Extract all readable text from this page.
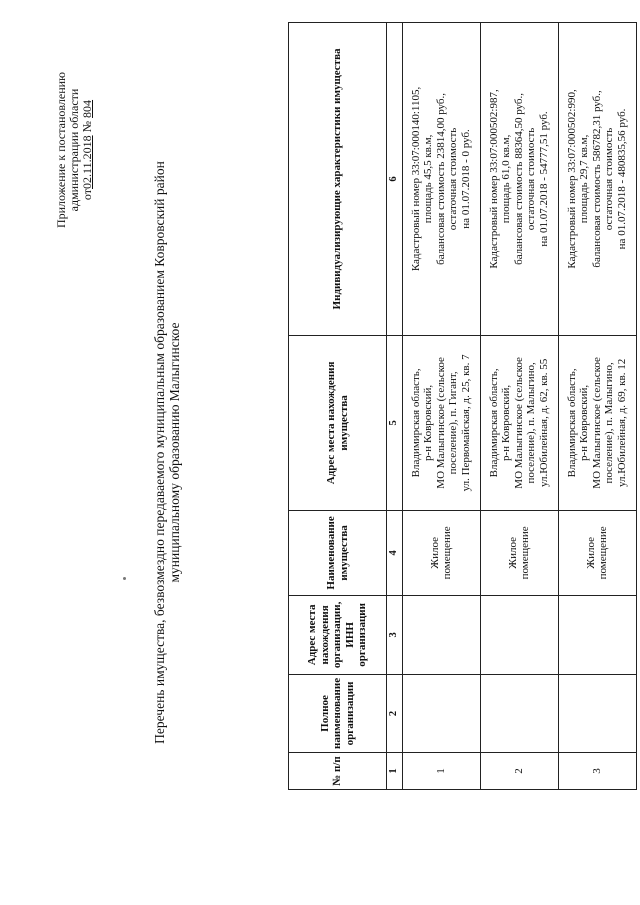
Приложение к постановлению администрации области от02.11.2018 № 804
Перечень имущества, безвозмездно передаваемого муниципальным образованием Ковровский район муниципальному образованию Малыгинское
№ п/п	Полное наименование организации	Адрес места нахождения организации, ИНН организации	Наименование имущества	Адрес места нахождения имущества	Индивидуализирующие характеристики имущества
1	2	3	4	5	6
1			Жилое помещение	Владимирская область, р-н Ковровский, МО Малыгинское (сельское поселение), п. Гигант, ул. Первомайская, д. 25, кв. 7	Кадастровый номер 33:07:000140:1105, площадь 45,5 кв.м, балансовая стоимость 23814,00 руб., остаточная стоимость на 01.07.2018 - 0 руб.

2			Жилое помещение	Владимирская область, р-н Ковровский, МО Малыгинское (сельское поселение), п. Малыгино, ул.Юбилейная, д. 62, кв. 55	Кадастровый номер 33:07:000502:987, площадь 61,0 кв.м, балансовая стоимость 88364,50 руб., остаточная стоимость на 01.07.2018 - 54777,51 руб.

3			Жилое помещение	Владимирская область, р-н Ковровский, МО Малыгинское (сельское поселение), п. Малыгино, ул.Юбилейная, д. 69, кв. 12	Кадастровый номер 33:07:000502:990, площадь 29,7 кв.м, балансовая стоимость 586782,31 руб., остаточная стоимость на 01.07.2018 - 480835,56 руб.
